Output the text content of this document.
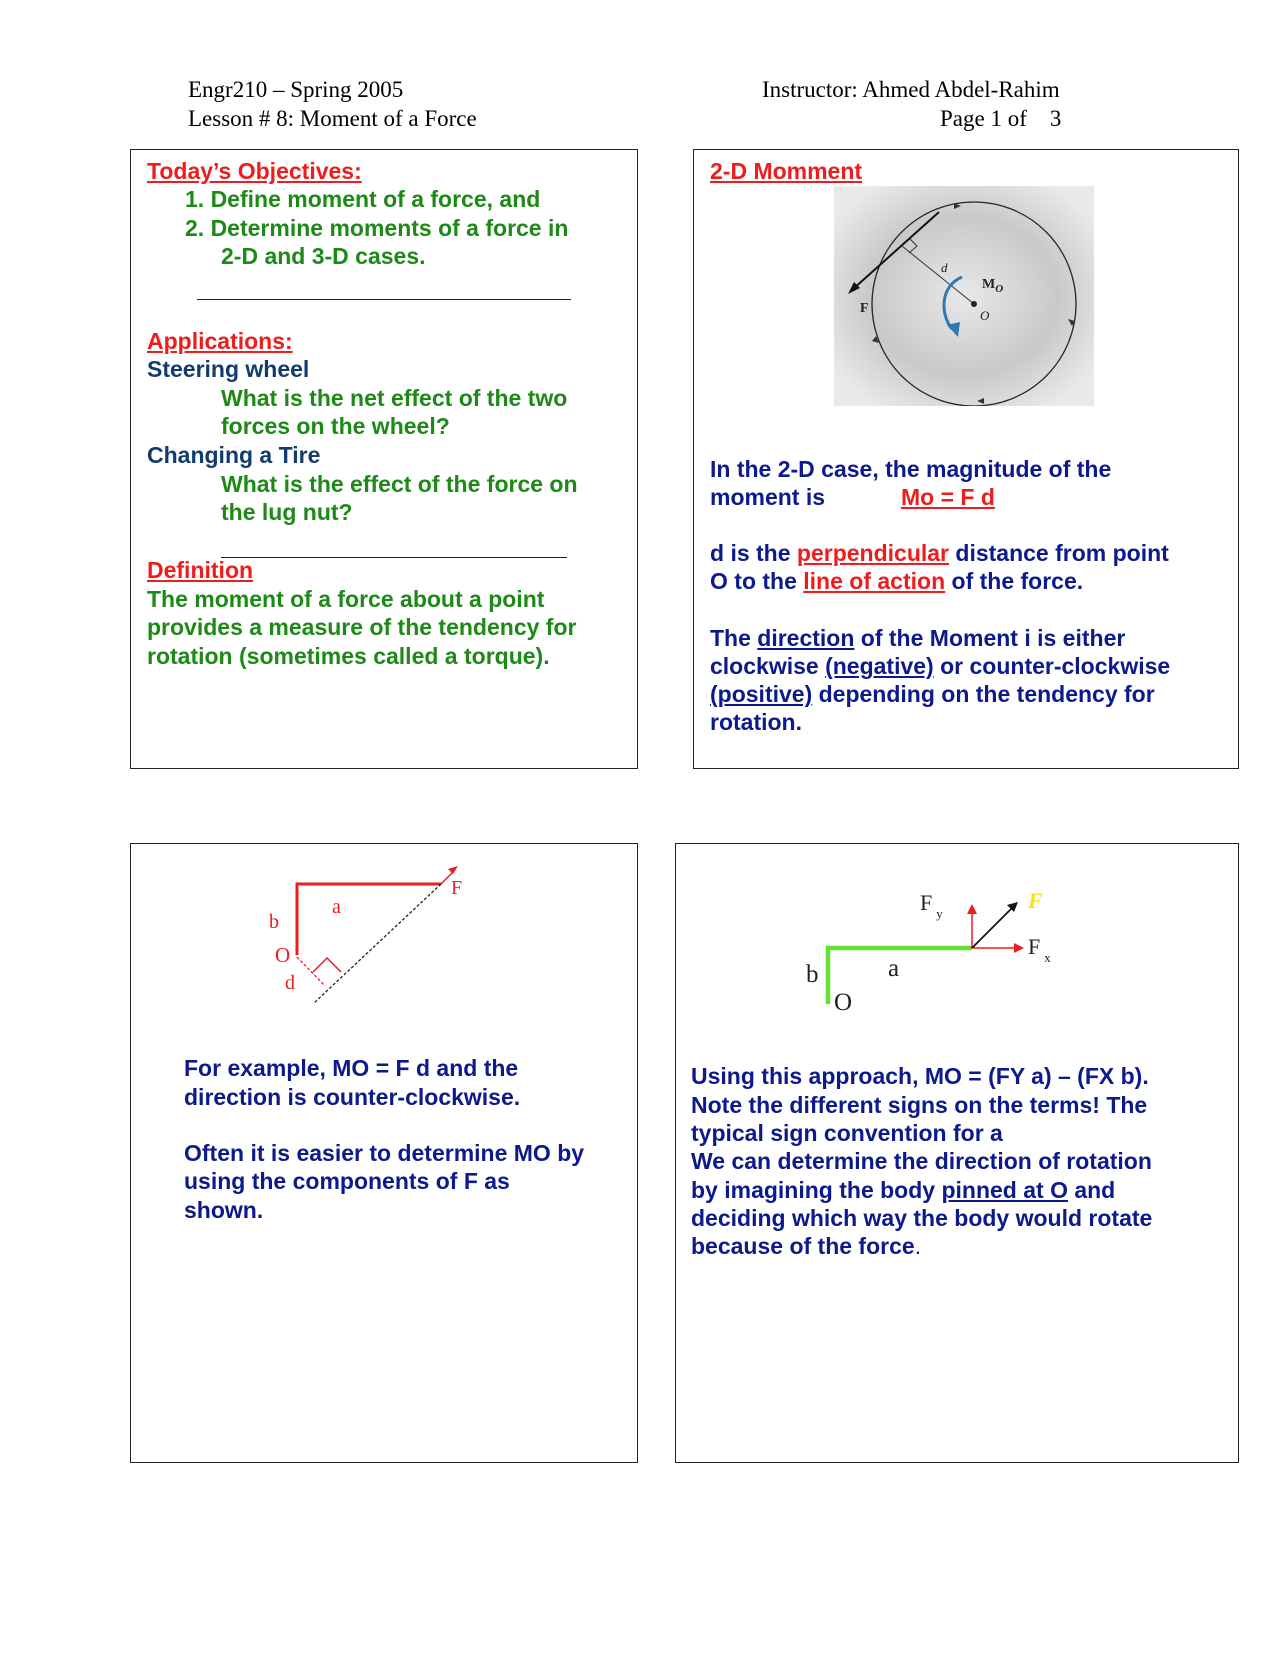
Engr210 – Spring 2005
Lesson # 8: Moment of a Force
Instructor: Ahmed Abdel-Rahim
Page 1 of    3
Today’s Objectives:
1. Define moment of a force, and
2. Determine moments of a force in
2-D and 3-D cases.
Applications:
Steering wheel
What is the net effect of the two
forces on the wheel?
Changing a Tire
What is the effect of the force on
the lug nut?
Definition
The moment of a force about a point
provides a measure of the tendency for
rotation (sometimes called a torque).
2-D Momment
d
$M_O$
O
F
In the 2-D case, the magnitude of the
moment is	Mo = F d
d is the perpendicular distance from point
O to the line of action of the force.
The direction of the Moment i is either
clockwise (negative) or counter-clockwise
(positive) depending on the tendency for
rotation.
F
a
b
O
d
For example, MO = F d and the
direction is counter-clockwise.
Often it is easier to determine MO by
using the components of F as
shown.
F $_y$
F
F $_x$
b	a
O
Using this approach, MO = (FY a) – (FX b).
Note the different signs on the terms! The
typical sign convention for a
We can determine the direction of rotation
by imagining the body pinned at O and
deciding which way the body would rotate
because of the force.
